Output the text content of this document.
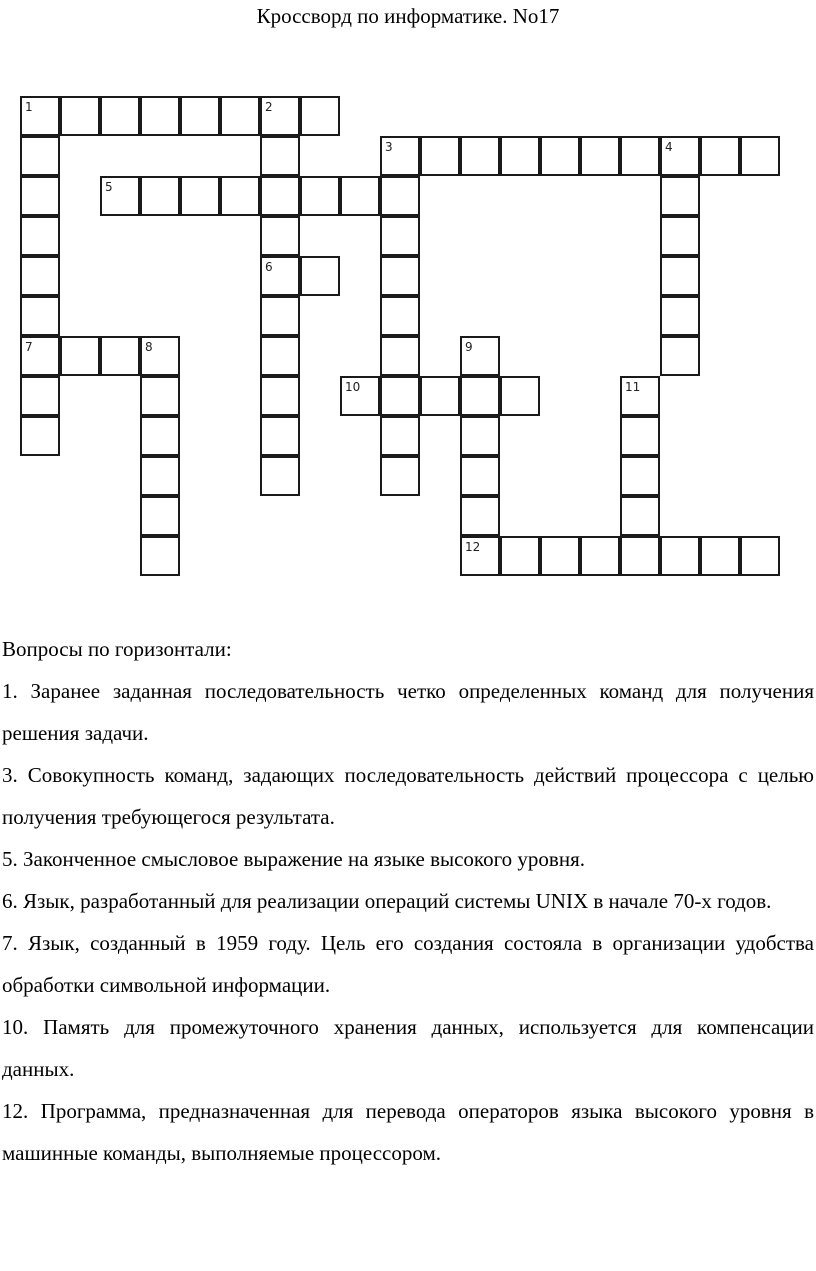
Кроссворд по информатике. No17
1	2
7
6
3	4
5
8	9
12
10	11

Вопросы по горизонтали:

1. Заранее заданная последовательность четко определенных команд для получения решения задачи.

3. Совокупность команд, задающих последовательность действий процессора с целью получения требующегося результата.

5. Законченное смысловое выражение на языке высокого уровня.

6. Язык, разработанный для реализации операций системы UNIX в начале 70-х годов.

7. Язык, созданный в 1959 году. Цель его создания состояла в организации удобства обработки символьной информации.

10. Память для промежуточного хранения данных, используется для компенсации данных.

12. Программа, предназначенная для перевода операторов языка высокого уровня в машинные команды, выполняемые процессором.
